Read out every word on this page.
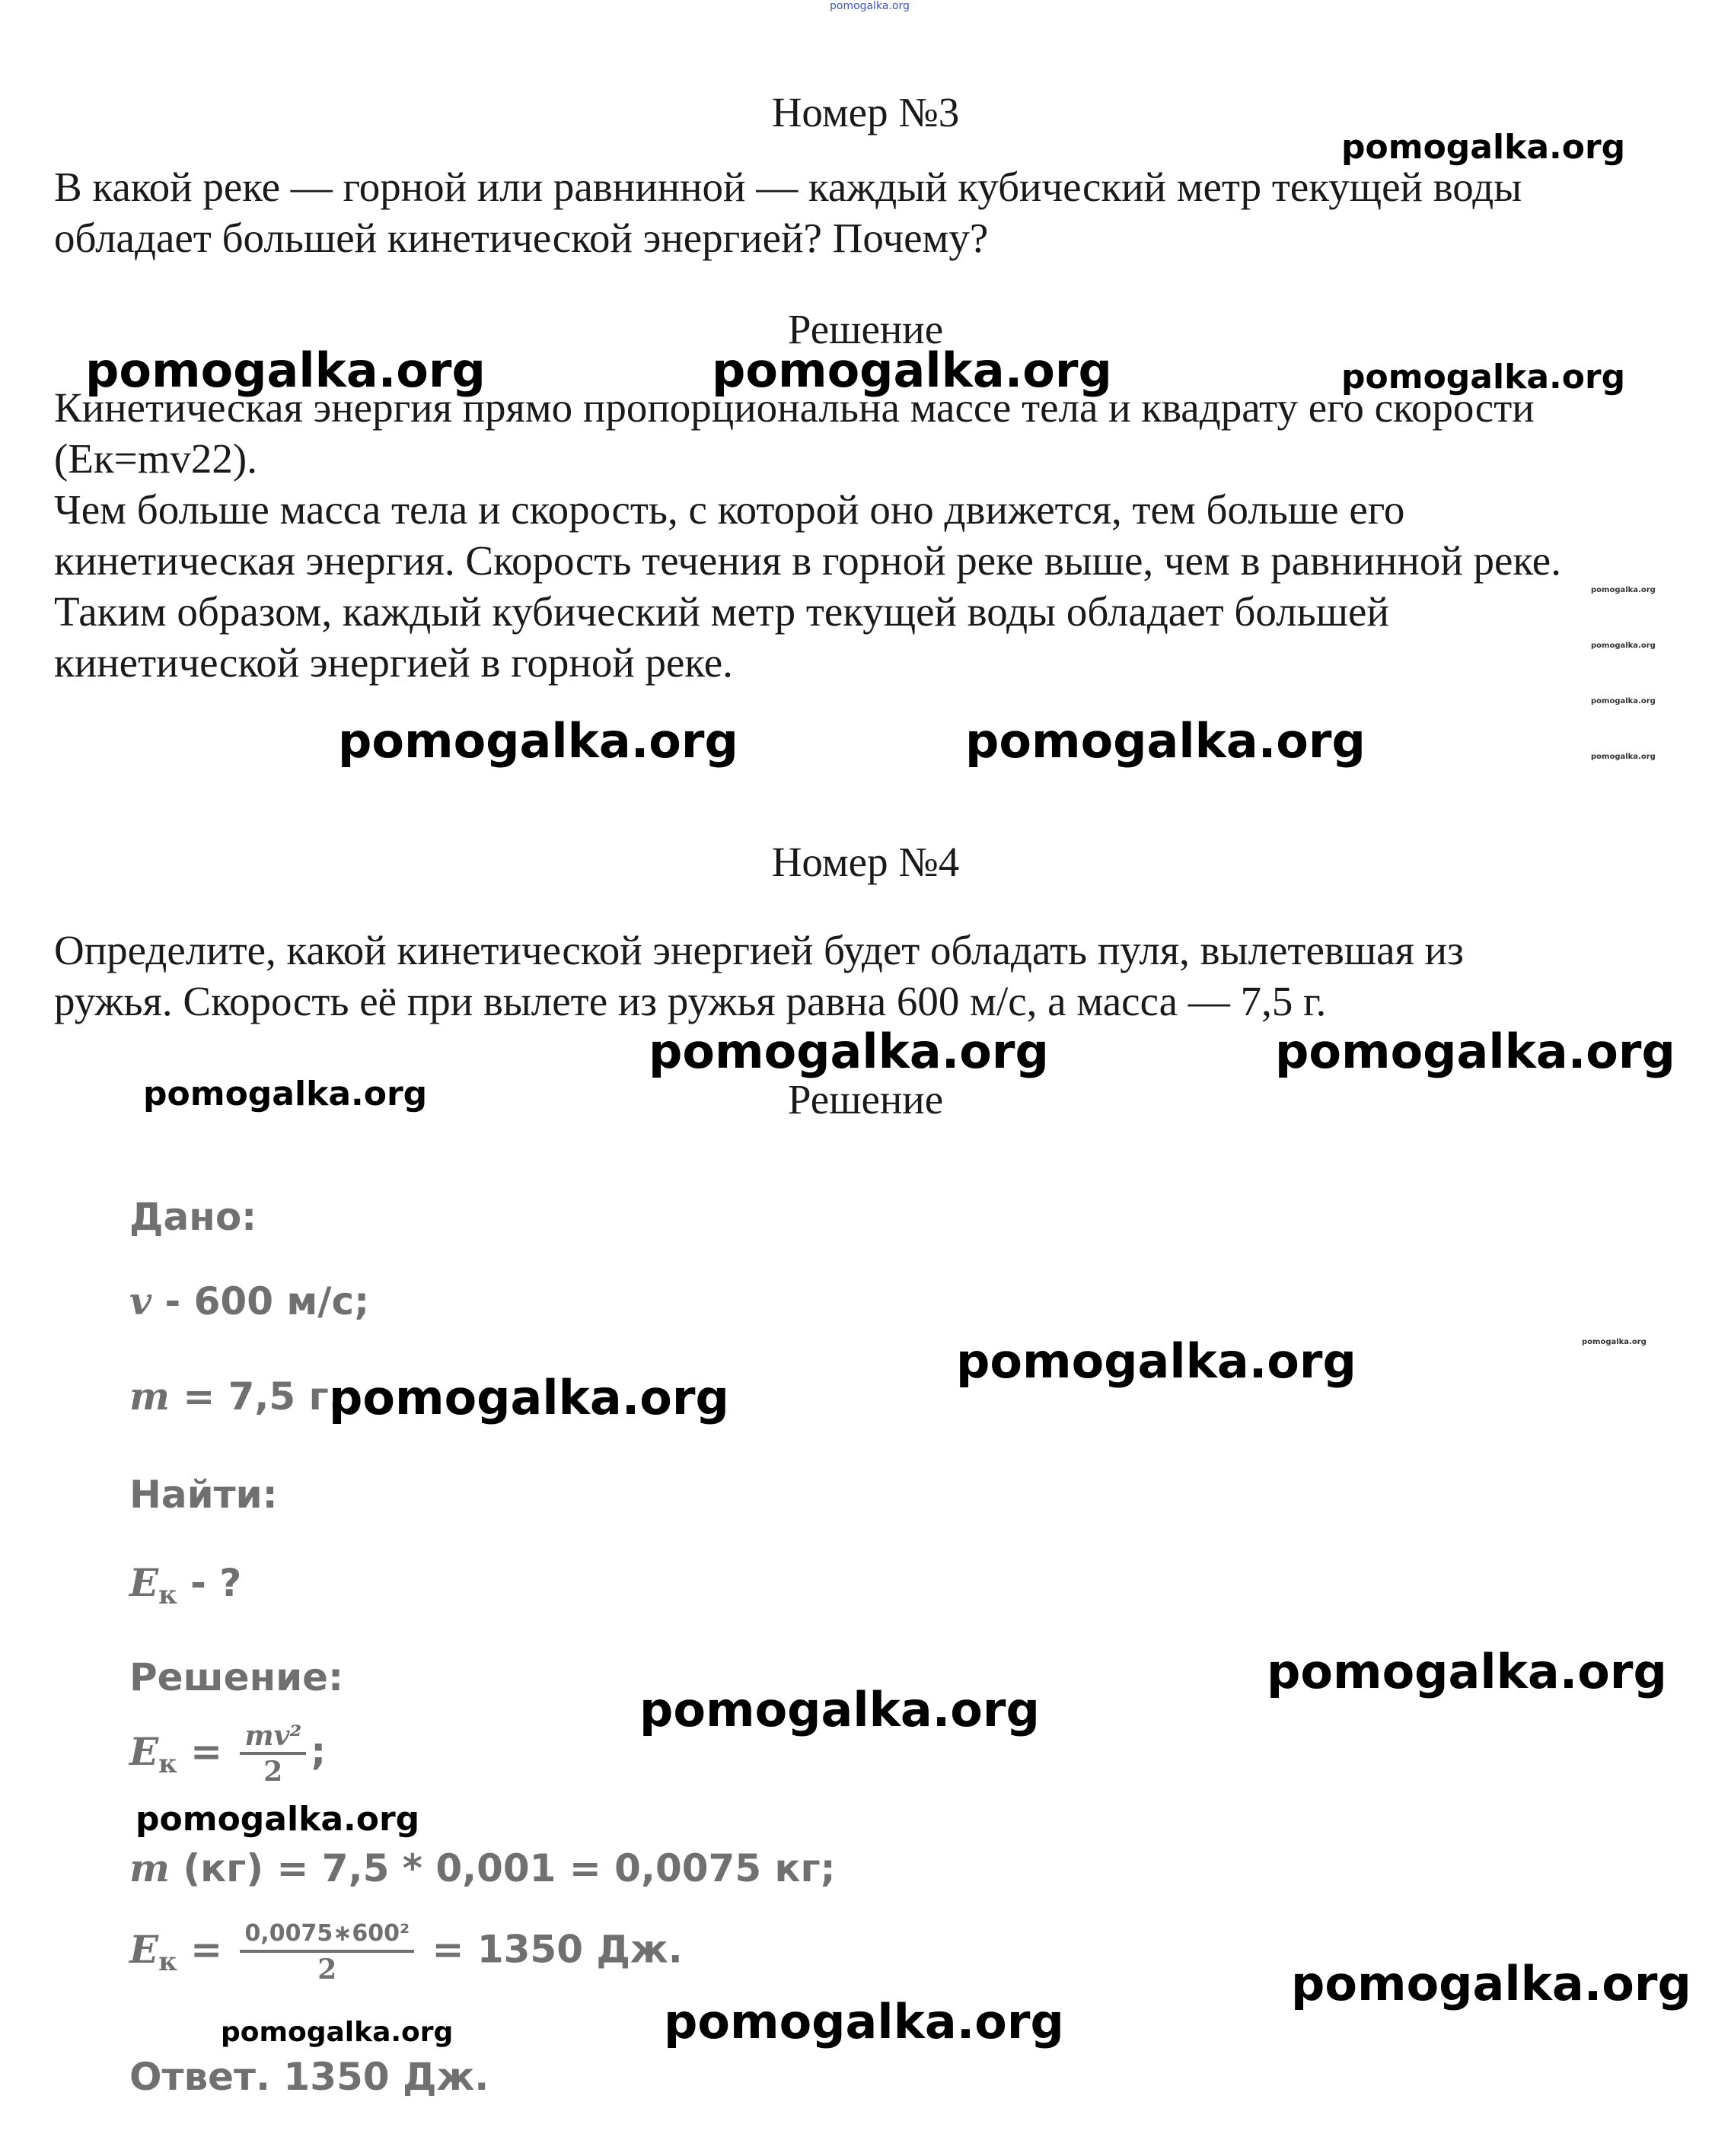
pomogalka.org
Номер №3

В какой реке — горной или равнинной — каждый кубический метр текущей воды
обладает большей кинетической энергией? Почему?

Решение

Кинетическая энергия прямо пропорциональна массе тела и квадрату его скорости
(Ек=mv22).
Чем больше масса тела и скорость, с которой оно движется, тем больше его
кинетическая энергия. Скорость течения в горной реке выше, чем в равнинной реке.
Таким образом, каждый кубический метр текущей воды обладает большей
кинетической энергией в горной реке.

Номер №4

Определите, какой кинетической энергией будет обладать пуля, вылетевшая из
ружья. Скорость её при вылете из ружья равна 600 м/с, а масса — 7,5 г.

Решение
Дано:
v - 600 м/с;
m = 7,5 г.
Найти:
$E_к$ - ?
Решение:
$E_к = \frac{\text{mv²}}{2}$ ;
m (кг) = 7,5 * 0,001 = 0,0075 кг;
$E_к = \frac{\text{0,0075∗600²}}{2} = 1350$ Дж.
Ответ. 1350 Дж.
pomogalka.org
pomogalka.org	pomogalka.org	pomogalka.org
pomogalka.org
pomogalka.org
pomogalka.org
pomogalka.org	pomogalka.org	pomogalka.org
pomogalka.org	pomogalka.org
pomogalka.org
pomogalka.org
pomogalka.org
pomogalka.org
pomogalka.org
pomogalka.org
pomogalka.org
pomogalka.org
pomogalka.org
pomogalka.org
